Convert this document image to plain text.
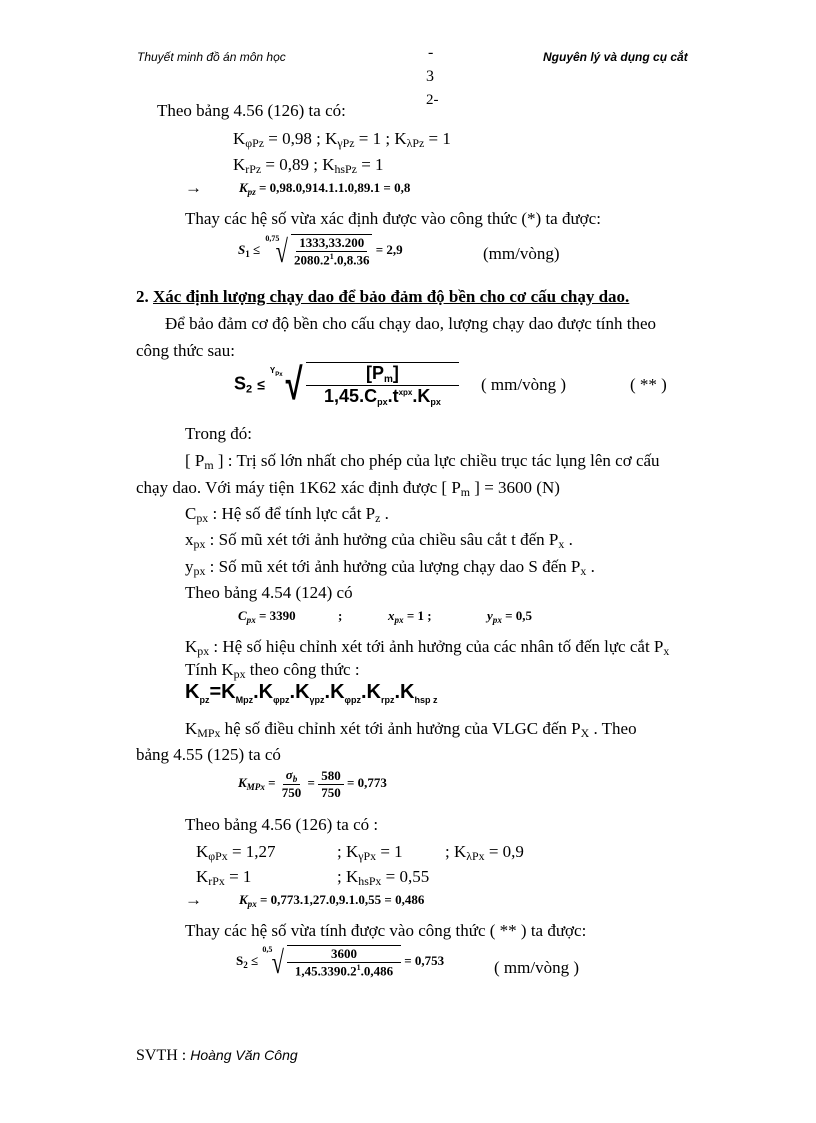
Thuyết minh đồ án môn học	-	Nguyên lý và dụng cụ cắt
3
2-
Theo bảng 4.56 (126) ta có:
$K_{\varphi Pz} = 0,98$ ; $K_{\gamma Pz} = 1$ ; $K_{\lambda Pz} = 1$
$K_{rPz} = 0,89$ ; $K_{hsPz} = 1$
→	$K_{pz} = 0,98.0,914.1.1.0,89.1 = 0,8$
Thay các hệ số vừa xác định được vào công thức (*) ta được:
$S_1$ ≤
0,75
√ $\frac{1333,33.200}{2080.2^1.0,8.36} = 2,9$	(mm/vòng)
2. Xác định lượng chạy dao để bảo đảm độ bền cho cơ cấu chạy dao.
Để bảo đảm cơ độ bền cho cấu chạy dao, lượng chạy dao được tính theo
công thức sau:
$S_2$ ≤
$Y_{Px}$ √ $\frac{[P_m]}{1,45.C_{px}.t^{xpx}.K_{px}}$ ( mm/vòng )	( ** )
Trong đó:
[ $P_m$ ] : Trị số lớn nhất cho phép của lực chiều trục tác lụng lên cơ cấu
chạy dao. Với máy tiện 1K62 xác định được [ $P_m$ ] = 3600 (N)
$C_{px}$ : Hệ số để tính lực cắt $P_z$ .
$x_{px}$ : Số mũ xét tới ảnh hưởng của chiều sâu cắt t đến $P_x$ .
$y_{px}$ : Số mũ xét tới ảnh hưởng của lượng chạy dao S đến $P_x$ .
Theo bảng 4.54 (124) có
$C_{px} = 3390$	;	$x_{px} = 1$ ;	$y_{px} = 0,5$
$K_{px}$ : Hệ số hiệu chỉnh xét tới ảnh hưởng của các nhân tố đến lực cắt $P_x$
Tính $K_{px}$ theo công thức :
$K_{pz}=K_{Mpz}.K_{\varphi pz}.K_{\gamma pz}.K_{\varphi pz}.K_{rpz}.K_{hsp z}$
$K_{MPx}$ hệ số điều chỉnh xét tới ảnh hưởng của VLGC đến $P_X$ . Theo
bảng 4.55 (125) ta có
$K_{MPx} = \frac{\sigma_b}{750} = \frac{580}{750} = 0,773$
Theo bảng 4.56 (126) ta có :
$K_{\varphi Px} = 1,27$	; $K_{\gamma Px} = 1$ ; $K_{\lambda Px} = 0,9$
$K_{rPx} = 1$	; $K_{hsPx} = 0,55$
→	$K_{px} = 0,773.1,27.0,9.1.0,55 = 0,486$
Thay các hệ số vừa tính được vào công thức ( ** ) ta được:
$S_2$ ≤
0,5 √ $\frac{3600}{1,45.3390.2^1.0,486} = 0,753$	( mm/vòng )
SVTH : Hoàng Văn Công
